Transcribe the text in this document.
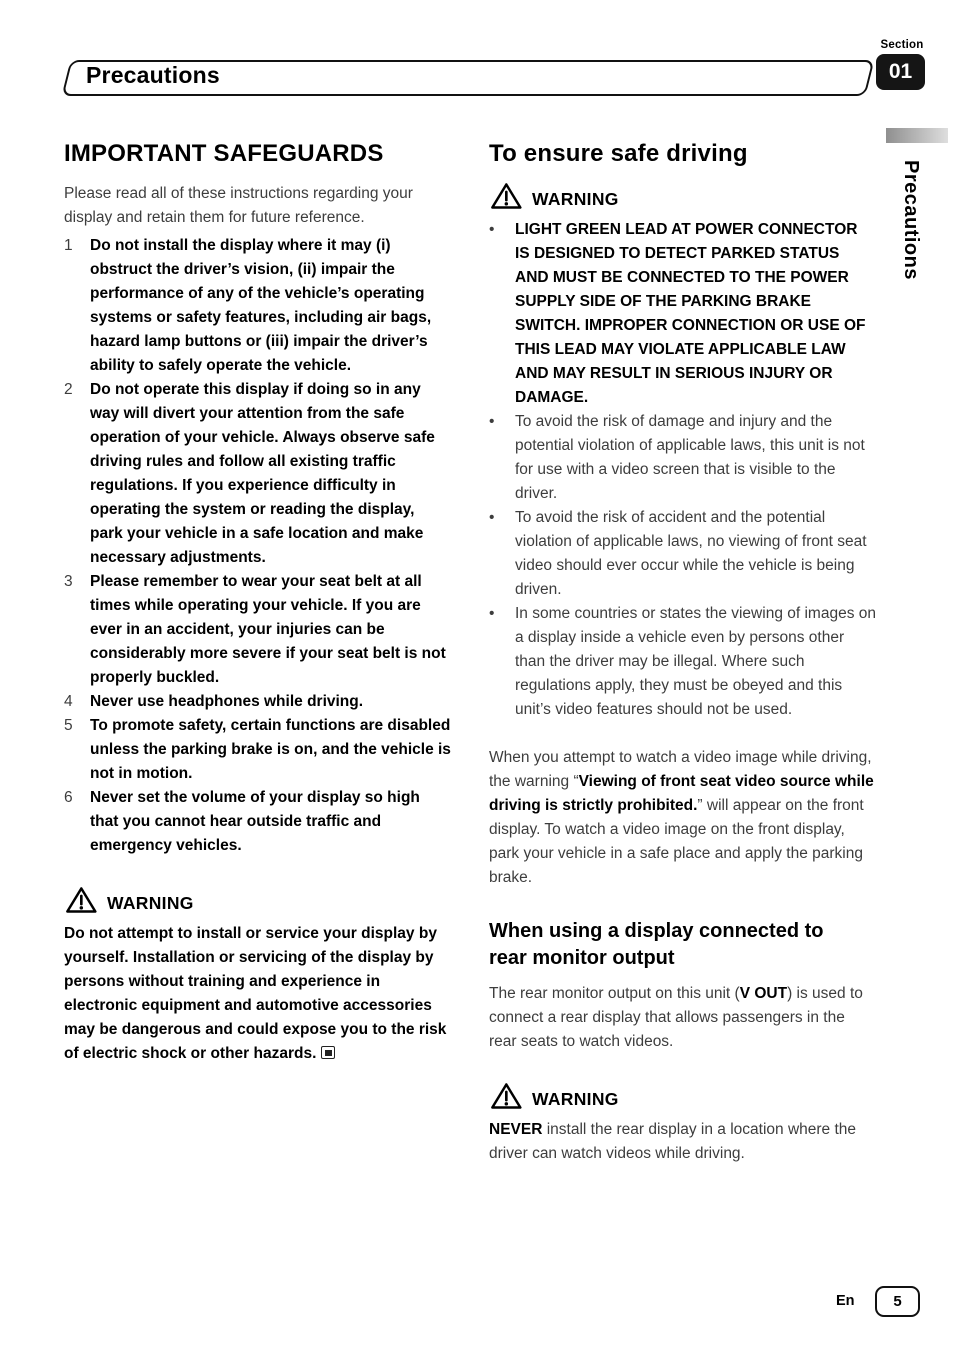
Section
01
Precautions
Precautions
IMPORTANT SAFEGUARDS

Please read all of these instructions regarding your display and retain them for future reference.

1	Do not install the display where it may (i) obstruct the driver’s vision, (ii) impair the performance of any of the vehicle’s operating systems or safety features, including air bags, hazard lamp buttons or (iii) impair the driver’s ability to safely operate the vehicle.
2	Do not operate this display if doing so in any way will divert your attention from the safe operation of your vehicle. Always observe safe driving rules and follow all existing traffic regulations. If you experience difficulty in operating the system or reading the display, park your vehicle in a safe location and make necessary adjustments.
3	Please remember to wear your seat belt at all times while operating your vehicle. If you are ever in an accident, your injuries can be considerably more severe if your seat belt is not properly buckled.
4	Never use headphones while driving.
5	To promote safety, certain functions are disabled unless the parking brake is on, and the vehicle is not in motion.
6	Never set the volume of your display so high that you cannot hear outside traffic and emergency vehicles.
WARNING

Do not attempt to install or service your display by yourself. Installation or servicing of the display by persons without training and experience in electronic equipment and automotive accessories may be dangerous and could expose you to the risk of electric shock or other hazards.

To ensure safe driving
WARNING
• LIGHT GREEN LEAD AT POWER CONNECTOR IS DESIGNED TO DETECT PARKED STATUS AND MUST BE CONNECTED TO THE POWER SUPPLY SIDE OF THE PARKING BRAKE SWITCH. IMPROPER CONNECTION OR USE OF THIS LEAD MAY VIOLATE APPLICABLE LAW AND MAY RESULT IN SERIOUS INJURY OR DAMAGE.
• To avoid the risk of damage and injury and the potential violation of applicable laws, this unit is not for use with a video screen that is visible to the driver.
• To avoid the risk of accident and the potential violation of applicable laws, no viewing of front seat video should ever occur while the vehicle is being driven.
• In some countries or states the viewing of images on a display inside a vehicle even by persons other than the driver may be illegal. Where such regulations apply, they must be obeyed and this unit’s video features should not be used.

When you attempt to watch a video image while driving, the warning “Viewing of front seat video source while driving is strictly prohibited.” will appear on the front display. To watch a video image on the front display, park your vehicle in a safe place and apply the parking brake.

When using a display connected to rear monitor output

The rear monitor output on this unit (V OUT) is used to connect a rear display that allows passengers in the rear seats to watch videos.

WARNING

NEVER install the rear display in a location where the driver can watch videos while driving.

En	5
